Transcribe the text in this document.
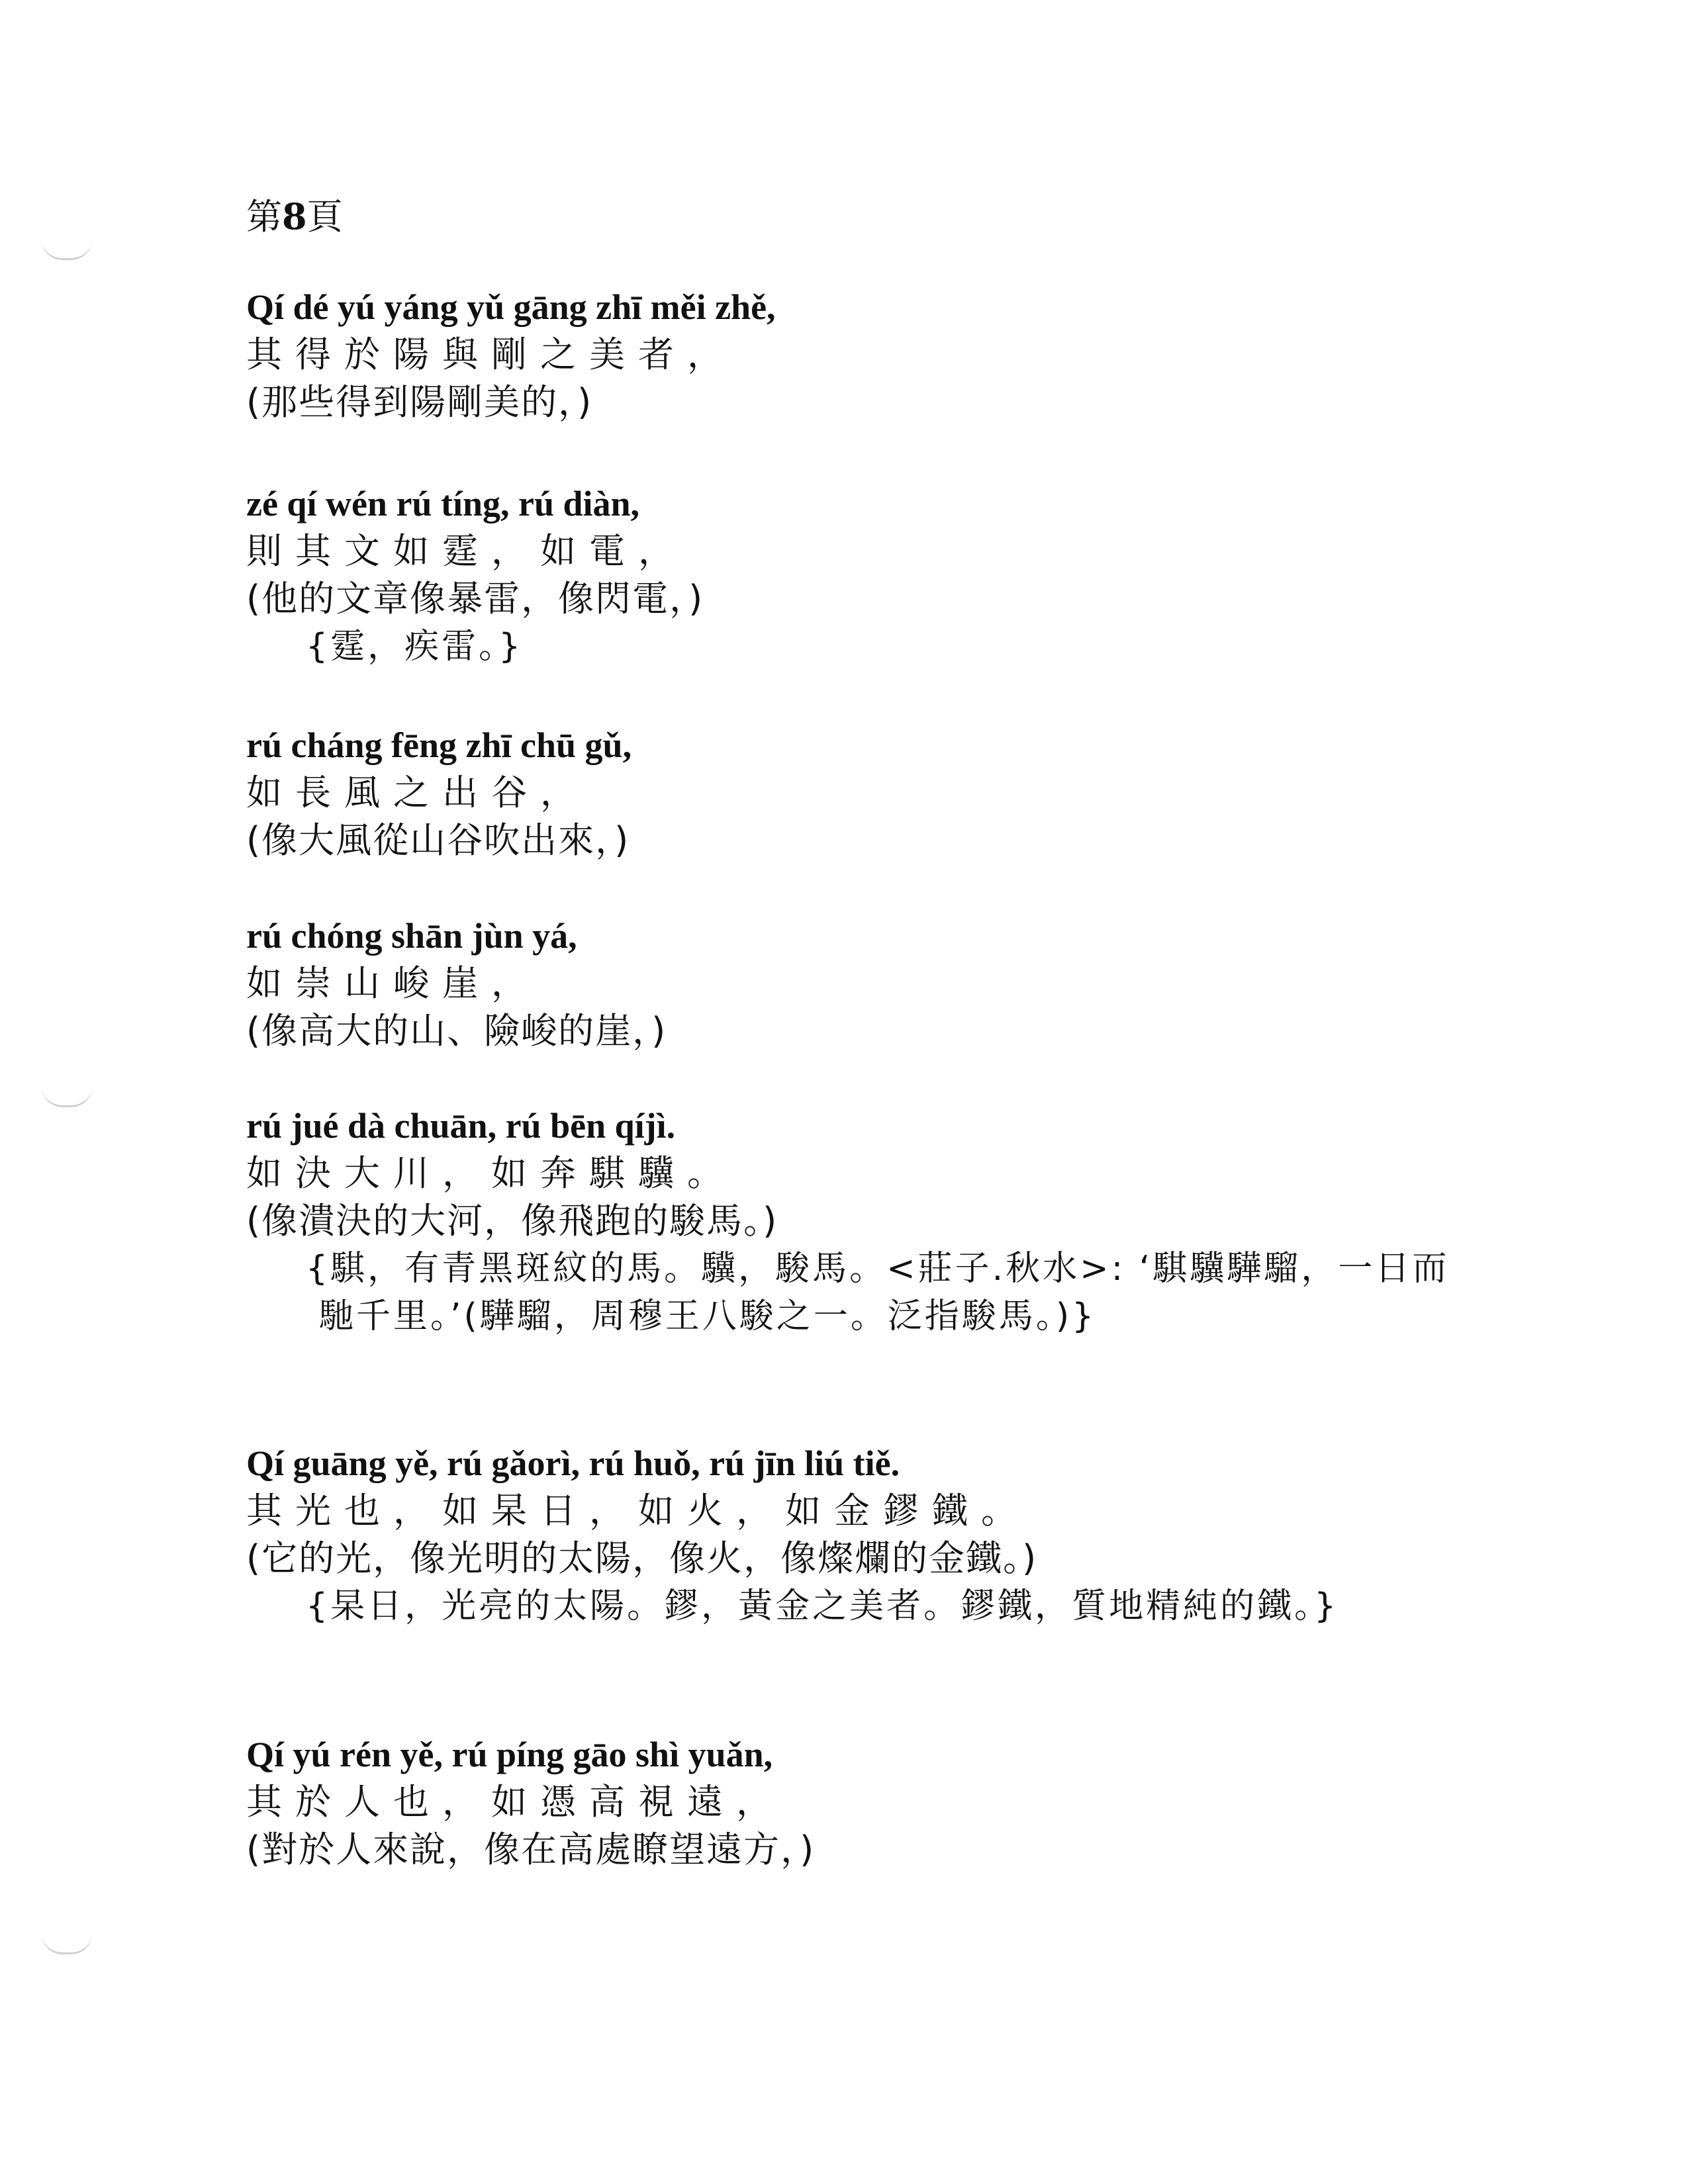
第8頁
Qí dé yú yáng yǔ gāng zhī měi zhě,
其得於陽與剛之美者，
(那些得到陽剛美的，)
zé qí wén rú tíng, rú diàn,
則其文如霆，如電，
(他的文章像暴雷，像閃電，)
{霆，疾雷。}
rú cháng fēng zhī chū gǔ,
如長風之出谷，
(像大風從山谷吹出來，)
rú chóng shān jùn yá,
如崇山峻崖，
(像高大的山、險峻的崖，)
rú jué dà chuān, rú bēn qíjì.
如決大川，如奔騏驥。
(像潰決的大河，像飛跑的駿馬。)
{騏，有青黑斑紋的馬。驥，駿馬。<莊子.秋水>: ‘騏驥驊騮，一日而馳千里。’(驊騮，周穆王八駿之一。泛指駿馬。)}
Qí guāng yě, rú gǎorì, rú huǒ, rú jīn liú tiě.
其光也，如杲日，如火，如金鏐鐵。
(它的光，像光明的太陽，像火，像燦爛的金鐵。)
{杲日，光亮的太陽。鏐，黃金之美者。鏐鐵，質地精純的鐵。}
Qí yú rén yě, rú píng gāo shì yuǎn,
其於人也，如憑高視遠，
(對於人來說，像在高處瞭望遠方，)
